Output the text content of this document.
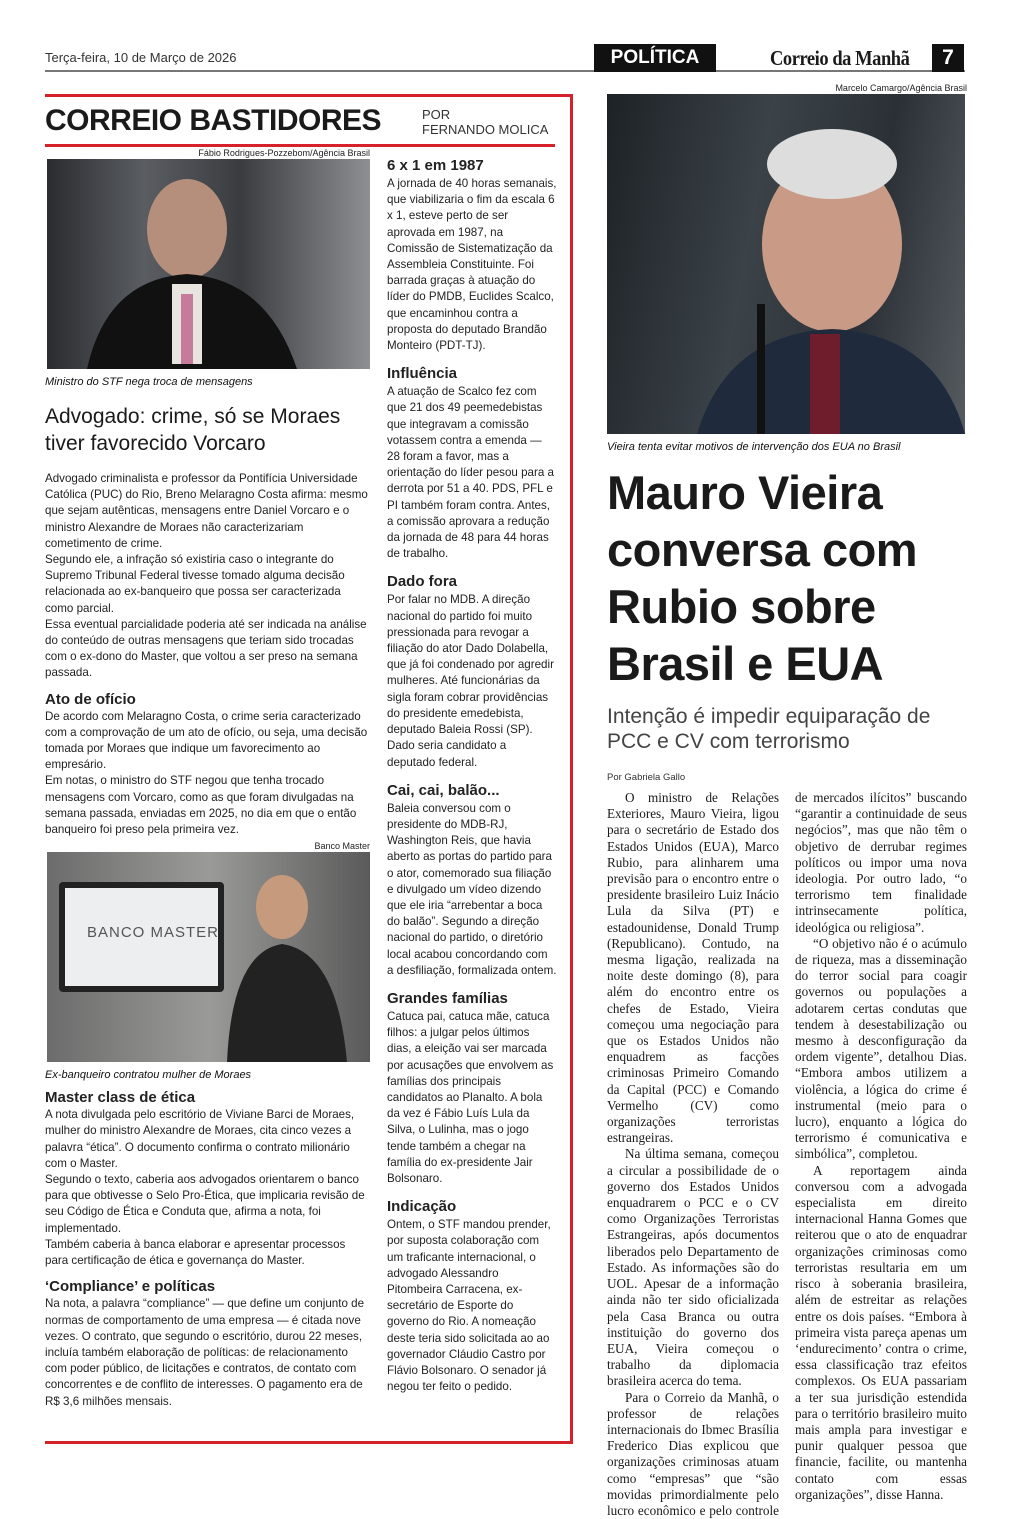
Terça-feira, 10 de Março de 2026	POLÍTICA	Correio da Manhã	7
CORREIO BASTIDORES	POR
FERNANDO MOLICA
Fábio Rodrigues-Pozzebom/Agência Brasil
Ministro do STF nega troca de mensagens
Advogado: crime, só se Moraes tiver favorecido Vorcaro

Advogado criminalista e professor da Pontifícia Universidade Católica (PUC) do Rio, Breno Melaragno Costa afirma: mesmo que sejam autênticas, mensagens entre Daniel Vorcaro e o ministro Alexandre de Moraes não caracterizariam cometimento de crime.

Segundo ele, a infração só existiria caso o integrante do Supremo Tribunal Federal tivesse tomado alguma decisão relacionada ao ex-banqueiro que possa ser caracterizada como parcial.

Essa eventual parcialidade poderia até ser indicada na análise do conteúdo de outras mensagens que teriam sido trocadas com o ex-dono do Master, que voltou a ser preso na semana passada.

Ato de ofício

De acordo com Melaragno Costa, o crime seria caracterizado com a comprovação de um ato de ofício, ou seja, uma decisão tomada por Moraes que indique um favorecimento ao empresário.

Em notas, o ministro do STF negou que tenha trocado mensagens com Vorcaro, como as que foram divulgadas na semana passada, enviadas em 2025, no dia em que o então banqueiro foi preso pela primeira vez.

Banco Master
BANCO MASTER
Ex-banqueiro contratou mulher de Moraes
Master class de ética

A nota divulgada pelo escritório de Viviane Barci de Moraes, mulher do ministro Alexandre de Moraes, cita cinco vezes a palavra “ética”. O documento confirma o contrato milionário com o Master.

Segundo o texto, caberia aos advogados orientarem o banco para que obtivesse o Selo Pro-Ética, que implicaria revisão de seu Código de Ética e Conduta que, afirma a nota, foi implementado.

Também caberia à banca elaborar e apresentar processos para certificação de ética e governança do Master.

‘Compliance’ e políticas

Na nota, a palavra “compliance” — que define um conjunto de normas de comportamento de uma empresa — é citada nove vezes. O contrato, que segundo o escritório, durou 22 meses, incluía também elaboração de políticas: de relacionamento com poder público, de licitações e contratos, de contato com concorrentes e de conflito de interesses. O pagamento era de R$ 3,6 milhões mensais.

6 x 1 em 1987

A jornada de 40 horas semanais, que viabilizaria o fim da escala 6 x 1, esteve perto de ser aprovada em 1987, na Comissão de Sistematização da Assembleia Constituinte. Foi barrada graças à atuação do líder do PMDB, Euclides Scalco, que encaminhou contra a proposta do deputado Brandão Monteiro (PDT-TJ).

Influência

A atuação de Scalco fez com que 21 dos 49 peemedebistas que integravam a comissão votassem contra a emenda — 28 foram a favor, mas a orientação do líder pesou para a derrota por 51 a 40. PDS, PFL e PI também foram contra. Antes, a comissão aprovara a redução da jornada de 48 para 44 horas de trabalho.

Dado fora

Por falar no MDB. A direção nacional do partido foi muito pressionada para revogar a filiação do ator Dado Dolabella, que já foi condenado por agredir mulheres. Até funcionárias da sigla foram cobrar providências do presidente emedebista, deputado Baleia Rossi (SP). Dado seria candidato a deputado federal.

Cai, cai, balão...

Baleia conversou com o presidente do MDB-RJ, Washington Reis, que havia aberto as portas do partido para o ator, comemorado sua filiação e divulgado um vídeo dizendo que ele iria “arrebentar a boca do balão”. Segundo a direção nacional do partido, o diretório local acabou concordando com a desfiliação, formalizada ontem.

Grandes famílias

Catuca pai, catuca mãe, catuca filhos: a julgar pelos últimos dias, a eleição vai ser marcada por acusações que envolvem as famílias dos principais candidatos ao Planalto. A bola da vez é Fábio Luís Lula da Silva, o Lulinha, mas o jogo tende também a chegar na família do ex-presidente Jair Bolsonaro.

Indicação

Ontem, o STF mandou prender, por suposta colaboração com um traficante internacional, o advogado Alessandro Pitombeira Carracena, ex-secretário de Esporte do governo do Rio. A nomeação deste teria sido solicitada ao ao governador Cláudio Castro por Flávio Bolsonaro. O senador já negou ter feito o pedido.

Marcelo Camargo/Agência Brasil
Vieira tenta evitar motivos de intervenção dos EUA no Brasil
Mauro Vieira conversa com Rubio sobre Brasil e EUA
Intenção é impedir equiparação de PCC e CV com terrorismo
Por Gabriela Gallo

O ministro de Relações Exteriores, Mauro Vieira, ligou para o secretário de Estado dos Estados Unidos (EUA), Marco Rubio, para alinharem uma previsão para o encontro entre o presidente brasileiro Luiz Inácio Lula da Silva (PT) e estadounidense, Donald Trump (Republicano). Contudo, na mesma ligação, realizada na noite deste domingo (8), para além do encontro entre os chefes de Estado, Vieira começou uma negociação para que os Estados Unidos não enquadrem as facções criminosas Primeiro Comando da Capital (PCC) e Comando Vermelho (CV) como organizações terroristas estrangeiras.

Na última semana, começou a circular a possibilidade de o governo dos Estados Unidos enquadrarem o PCC e o CV como Organizações Terroristas Estrangeiras, após documentos liberados pelo Departamento de Estado. As informações são do UOL. Apesar de a informação ainda não ter sido oficializada pela Casa Branca ou outra instituição do governo dos EUA, Vieira começou o trabalho da diplomacia brasileira acerca do tema.

Para o Correio da Manhã, o professor de relações internacionais do Ibmec Brasília Frederico Dias explicou que organizações criminosas atuam como “empresas” que “são movidas primordialmente pelo lucro econômico e pelo controle de mercados ilícitos” buscando “garantir a continuidade de seus negócios”, mas que não têm o objetivo de derrubar regimes políticos ou impor uma nova ideologia. Por outro lado, “o terrorismo tem finalidade intrinsecamente política, ideológica ou religiosa”.

“O objetivo não é o acúmulo de riqueza, mas a disseminação do terror social para coagir governos ou populações a adotarem certas condutas que tendem à desestabilização ou mesmo à desconfiguração da ordem vigente”, detalhou Dias. “Embora ambos utilizem a violência, a lógica do crime é instrumental (meio para o lucro), enquanto a lógica do terrorismo é comunicativa e simbólica”, completou.

A reportagem ainda conversou com a advogada especialista em direito internacional Hanna Gomes que reiterou que o ato de enquadrar organizações criminosas como terroristas resultaria em um risco à soberania brasileira, além de estreitar as relações entre os dois países. “Embora à primeira vista pareça apenas um ‘endurecimento’ contra o crime, essa classificação traz efeitos complexos. Os EUA passariam a ter sua jurisdição estendida para o território brasileiro muito mais ampla para investigar e punir qualquer pessoa que financie, facilite, ou mantenha contato com essas organizações”, disse Hanna.
